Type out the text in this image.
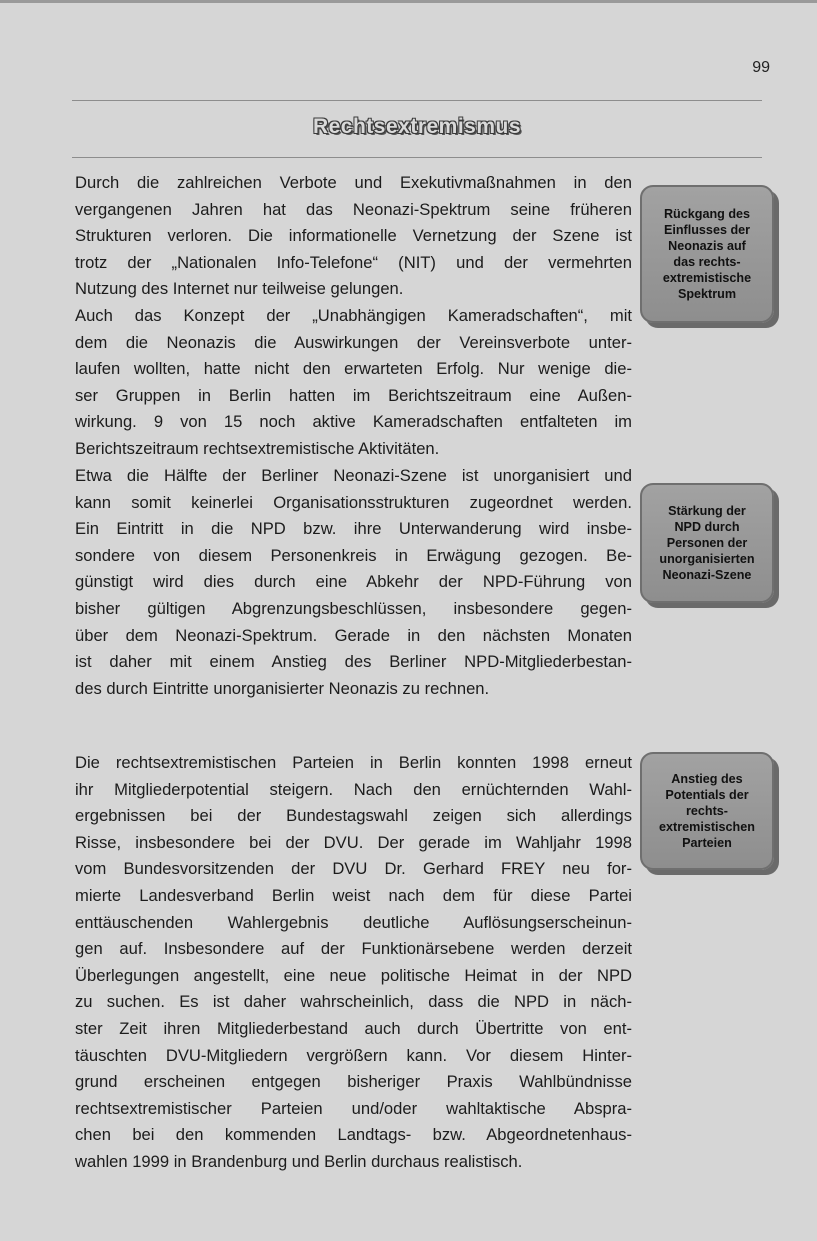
99
Rechtsextremismus
Durch die zahlreichen Verbote und Exekutivmaßnahmen in den
vergangenen Jahren hat das Neonazi-Spektrum seine früheren
Strukturen verloren. Die informationelle Vernetzung der Szene ist
trotz der „Nationalen Info-Telefone“ (NIT) und der vermehrten
Nutzung des Internet nur teilweise gelungen.
Auch das Konzept der „Unabhängigen Kameradschaften“, mit
dem die Neonazis die Auswirkungen der Vereinsverbote unter-
laufen wollten, hatte nicht den erwarteten Erfolg. Nur wenige die-
ser Gruppen in Berlin hatten im Berichtszeitraum eine Außen-
wirkung. 9 von 15 noch aktive Kameradschaften entfalteten im
Berichtszeitraum rechtsextremistische Aktivitäten.
Etwa die Hälfte der Berliner Neonazi-Szene ist unorganisiert und
kann somit keinerlei Organisationsstrukturen zugeordnet werden.
Ein Eintritt in die NPD bzw. ihre Unterwanderung wird insbe-
sondere von diesem Personenkreis in Erwägung gezogen. Be-
günstigt wird dies durch eine Abkehr der NPD-Führung von
bisher gültigen Abgrenzungsbeschlüssen, insbesondere gegen-
über dem Neonazi-Spektrum. Gerade in den nächsten Monaten
ist daher mit einem Anstieg des Berliner NPD-Mitgliederbestan-
des durch Eintritte unorganisierter Neonazis zu rechnen.
Die rechtsextremistischen Parteien in Berlin konnten 1998 erneut
ihr Mitgliederpotential steigern. Nach den ernüchternden Wahl-
ergebnissen bei der Bundestagswahl zeigen sich allerdings
Risse, insbesondere bei der DVU. Der gerade im Wahljahr 1998
vom Bundesvorsitzenden der DVU Dr. Gerhard FREY neu for-
mierte Landesverband Berlin weist nach dem für diese Partei
enttäuschenden Wahlergebnis deutliche Auflösungserscheinun-
gen auf. Insbesondere auf der Funktionärsebene werden derzeit
Überlegungen angestellt, eine neue politische Heimat in der NPD
zu suchen. Es ist daher wahrscheinlich, dass die NPD in näch-
ster Zeit ihren Mitgliederbestand auch durch Übertritte von ent-
täuschten DVU-Mitgliedern vergrößern kann. Vor diesem Hinter-
grund erscheinen entgegen bisheriger Praxis Wahlbündnisse
rechtsextremistischer Parteien und/oder wahltaktische Abspra-
chen bei den kommenden Landtags- bzw. Abgeordnetenhaus-
wahlen 1999 in Brandenburg und Berlin durchaus realistisch.
Rückgang des
Einflusses der
Neonazis auf
das rechts-
extremistische
Spektrum
Stärkung der
NPD durch
Personen der
unorganisierten
Neonazi-Szene
Anstieg des
Potentials der
rechts-
extremistischen
Parteien
